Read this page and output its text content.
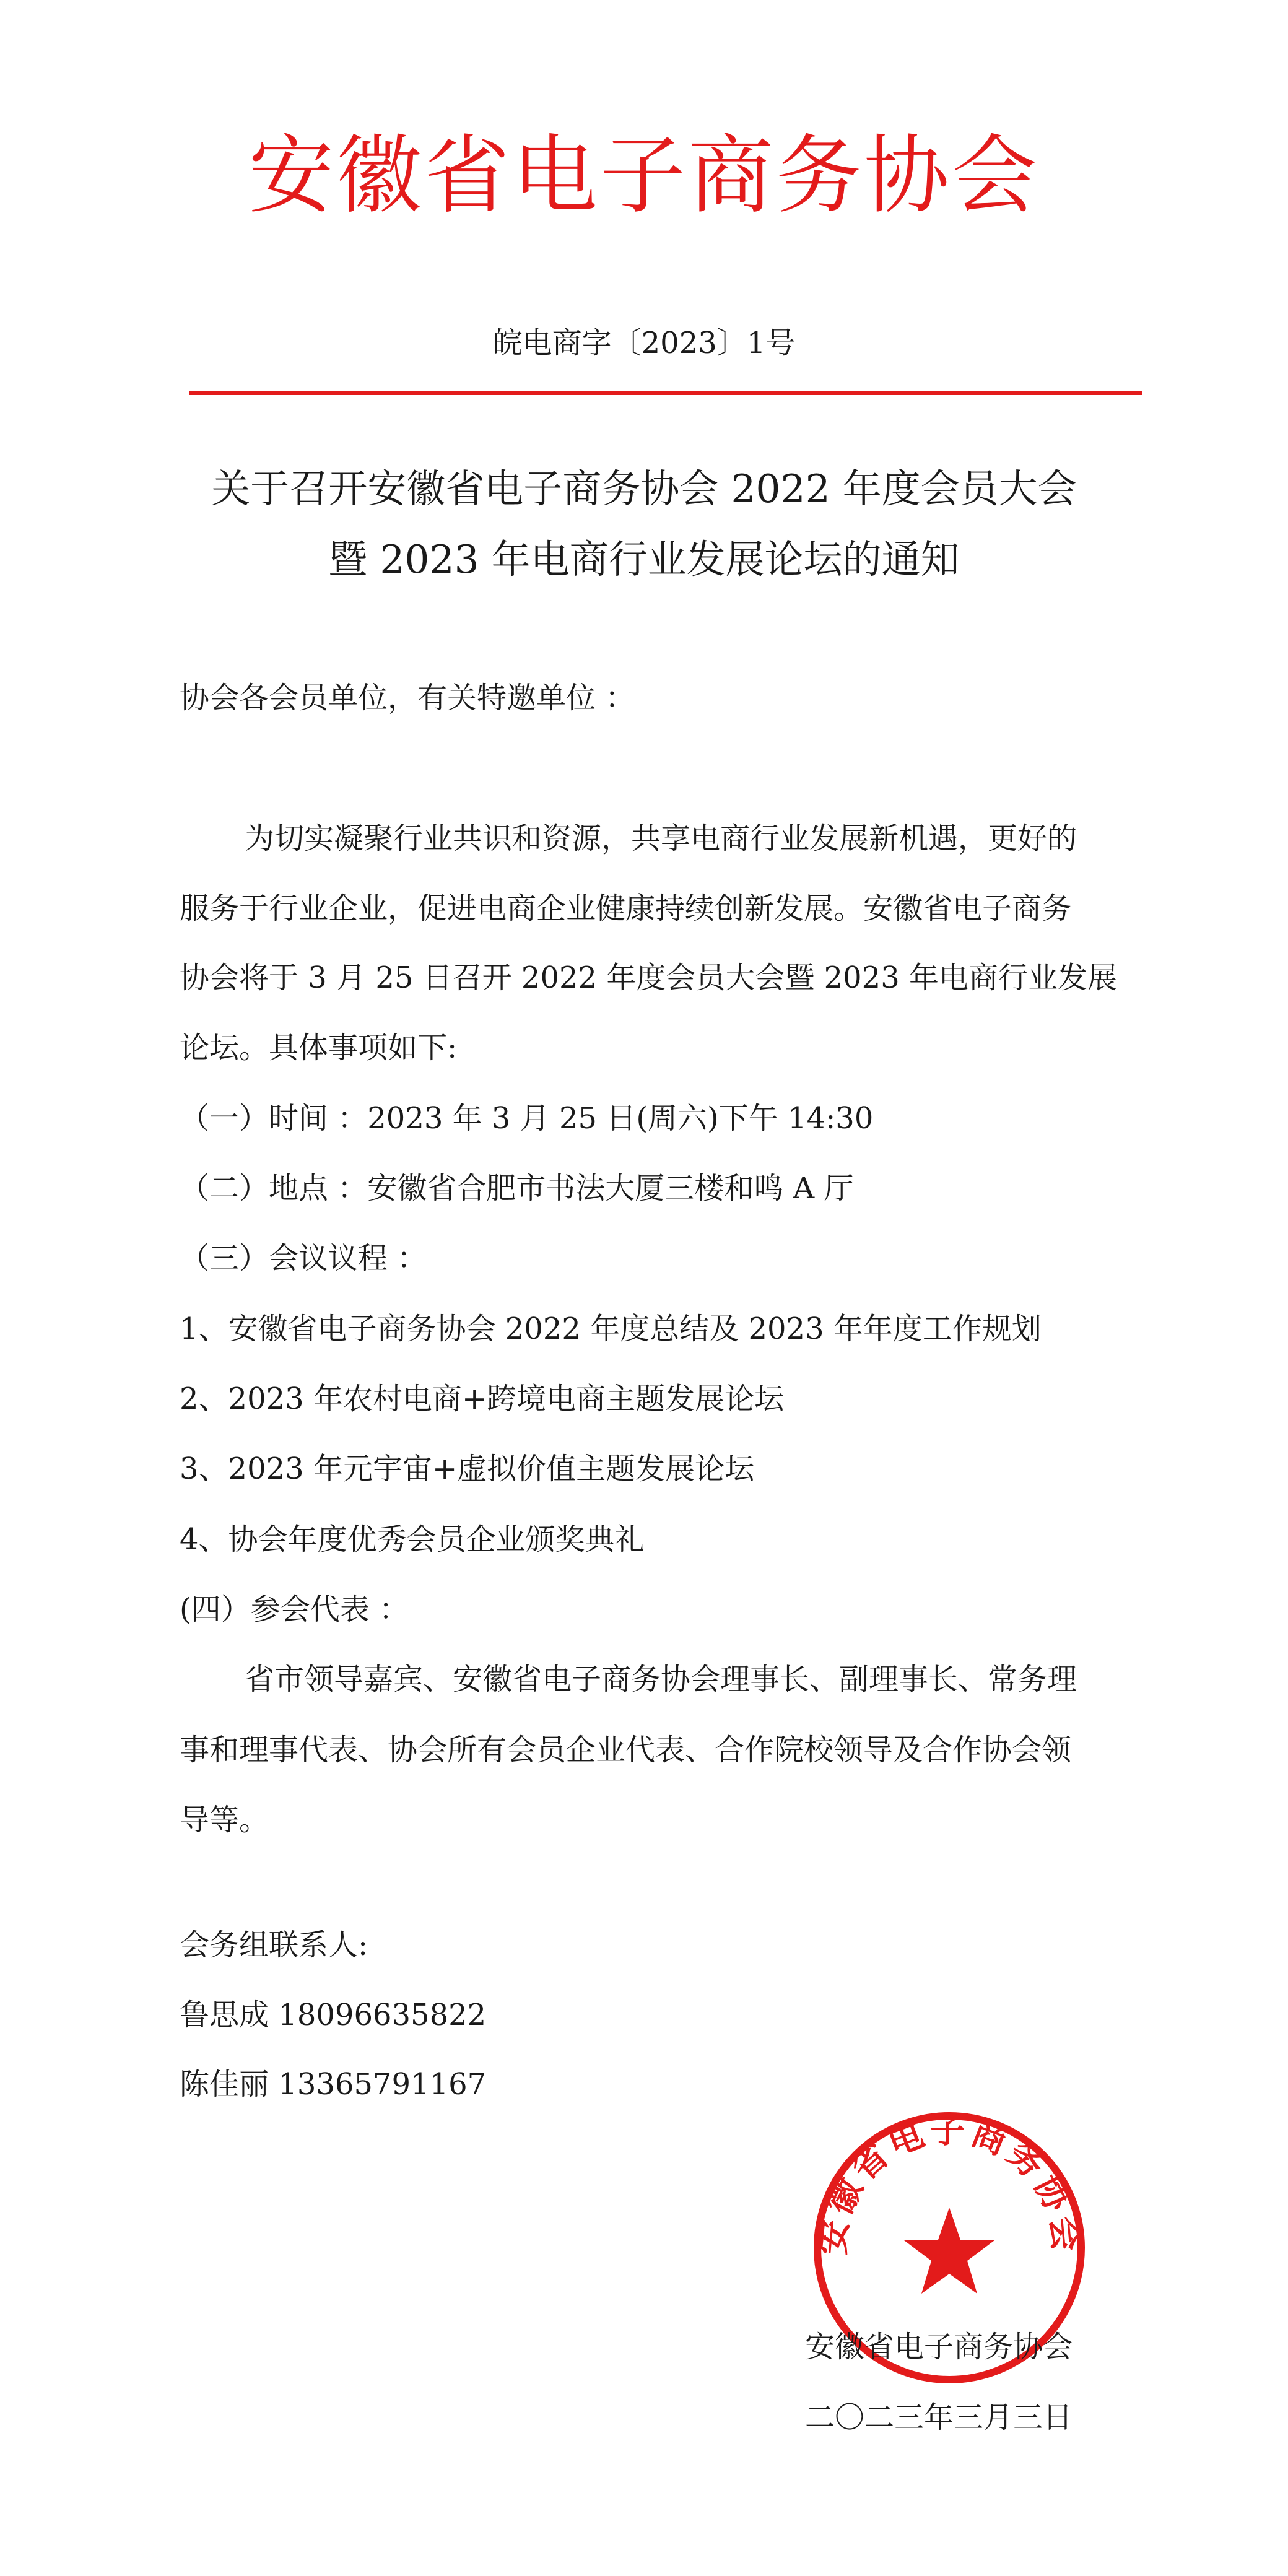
安徽省电子商务协会
皖电商字〔2023〕1号
关于召开安徽省电子商务协会 2022 年度会员大会
暨 2023 年电商行业发展论坛的通知
协会各会员单位，有关特邀单位 ：
为切实凝聚行业共识和资源，共享电商行业发展新机遇，更好的
服务于行业企业，促进电商企业健康持续创新发展。安徽省电子商务
协会将于 3 月 25 日召开 2022 年度会员大会暨 2023 年电商行业发展
论坛。具体事项如下:
（一）时间 ：2023 年 3 月 25 日(周六)下午 14:30
（二）地点 ：安徽省合肥市书法大厦三楼和鸣 A 厅
（三）会议议程 ：
1、安徽省电子商务协会 2022 年度总结及 2023 年年度工作规划
2、2023 年农村电商+跨境电商主题发展论坛
3、2023 年元宇宙+虚拟价值主题发展论坛
4、协会年度优秀会员企业颁奖典礼
(四）参会代表 ：
省市领导嘉宾、安徽省电子商务协会理事长、副理事长、常务理
事和理事代表、协会所有会员企业代表、合作院校领导及合作协会领
导等。
会务组联系人:
鲁思成 18096635822
陈佳丽 13365791167
安徽省电子商务协会
安徽省电子商务协会
二〇二三年三月三日
